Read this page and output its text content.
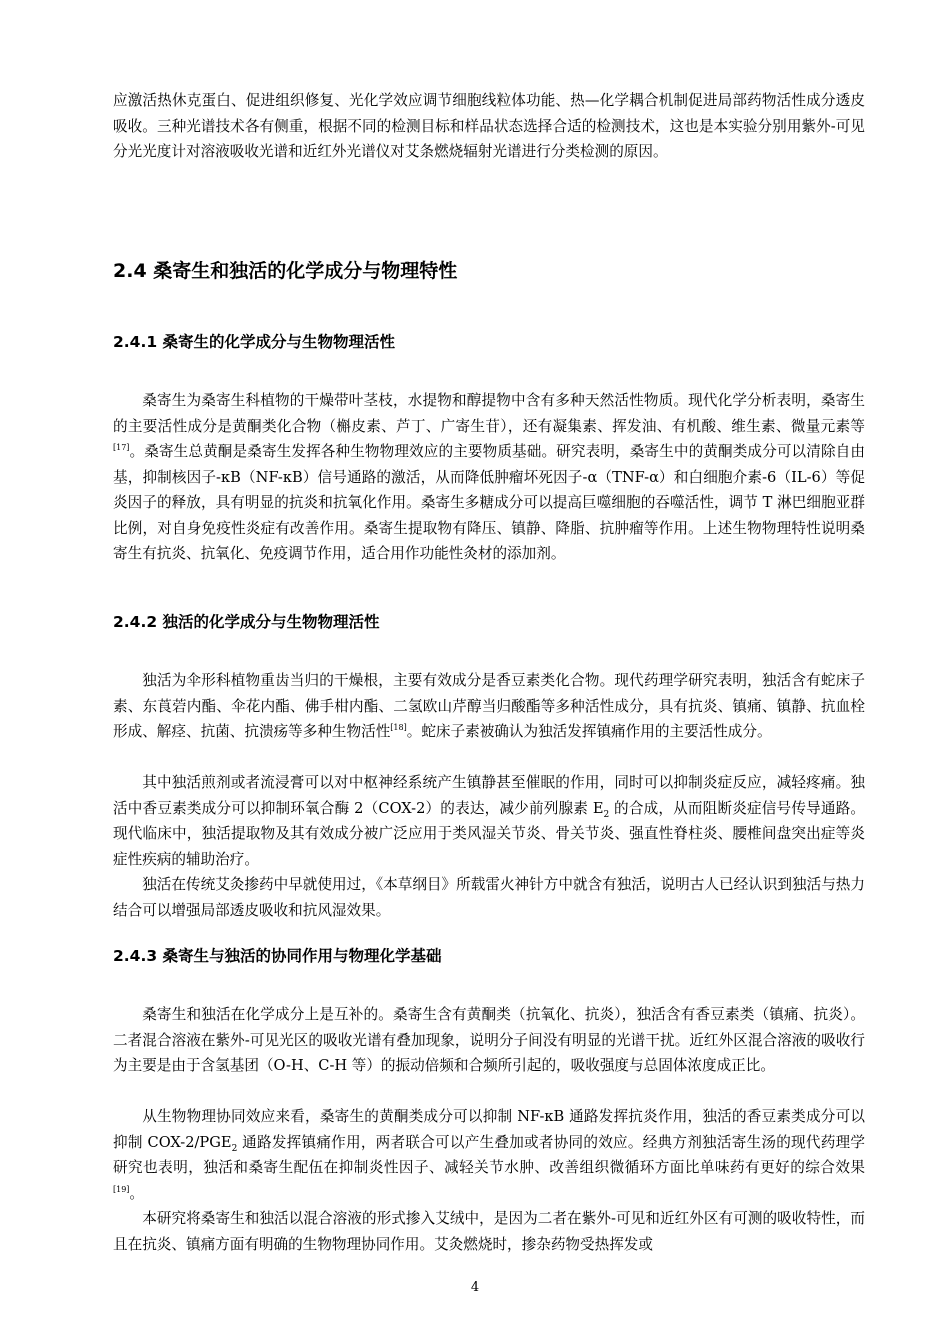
应激活热休克蛋白、促进组织修复、光化学效应调节细胞线粒体功能、热—化学耦合机制促进局部药物活性成分透皮吸收。三种光谱技术各有侧重，根据不同的检测目标和样品状态选择合适的检测技术，这也是本实验分别用紫外-可见分光光度计对溶液吸收光谱和近红外光谱仪对艾条燃烧辐射光谱进行分类检测的原因。

2.4 桑寄生和独活的化学成分与物理特性
2.4.1 桑寄生的化学成分与生物物理活性

桑寄生为桑寄生科植物的干燥带叶茎枝，水提物和醇提物中含有多种天然活性物质。现代化学分析表明，桑寄生的主要活性成分是黄酮类化合物（槲皮素、芦丁、广寄生苷），还有凝集素、挥发油、有机酸、维生素、微量元素等[17]。桑寄生总黄酮是桑寄生发挥各种生物物理效应的主要物质基础。研究表明，桑寄生中的黄酮类成分可以清除自由基，抑制核因子-κB（NF-κB）信号通路的激活，从而降低肿瘤坏死因子-α（TNF-α）和白细胞介素-6（IL-6）等促炎因子的释放，具有明显的抗炎和抗氧化作用。桑寄生多糖成分可以提高巨噬细胞的吞噬活性，调节 T 淋巴细胞亚群比例，对自身免疫性炎症有改善作用。桑寄生提取物有降压、镇静、降脂、抗肿瘤等作用。上述生物物理特性说明桑寄生有抗炎、抗氧化、免疫调节作用，适合用作功能性灸材的添加剂。

2.4.2 独活的化学成分与生物物理活性

独活为伞形科植物重齿当归的干燥根，主要有效成分是香豆素类化合物。现代药理学研究表明，独活含有蛇床子素、东莨菪内酯、伞花内酯、佛手柑内酯、二氢欧山芹醇当归酸酯等多种活性成分，具有抗炎、镇痛、镇静、抗血栓形成、解痉、抗菌、抗溃疡等多种生物活性[18]。蛇床子素被确认为独活发挥镇痛作用的主要活性成分。

其中独活煎剂或者流浸膏可以对中枢神经系统产生镇静甚至催眠的作用，同时可以抑制炎症反应，减轻疼痛。独活中香豆素类成分可以抑制环氧合酶 2（COX-2）的表达，减少前列腺素 $E_2$ 的合成，从而阻断炎症信号传导通路。现代临床中，独活提取物及其有效成分被广泛应用于类风湿关节炎、骨关节炎、强直性脊柱炎、腰椎间盘突出症等炎症性疾病的辅助治疗。

独活在传统艾灸掺药中早就使用过，《本草纲目》所载雷火神针方中就含有独活，说明古人已经认识到独活与热力结合可以增强局部透皮吸收和抗风湿效果。

2.4.3 桑寄生与独活的协同作用与物理化学基础

桑寄生和独活在化学成分上是互补的。桑寄生含有黄酮类（抗氧化、抗炎），独活含有香豆素类（镇痛、抗炎）。二者混合溶液在紫外-可见光区的吸收光谱有叠加现象，说明分子间没有明显的光谱干扰。近红外区混合溶液的吸收行为主要是由于含氢基团（O-H、C-H 等）的振动倍频和合频所引起的，吸收强度与总固体浓度成正比。

从生物物理协同效应来看，桑寄生的黄酮类成分可以抑制 NF-κB 通路发挥抗炎作用，独活的香豆素类成分可以抑制 COX-$2/PGE_2$ 通路发挥镇痛作用，两者联合可以产生叠加或者协同的效应。经典方剂独活寄生汤的现代药理学研究也表明，独活和桑寄生配伍在抑制炎性因子、减轻关节水肿、改善组织微循环方面比单味药有更好的综合效果[19]。

本研究将桑寄生和独活以混合溶液的形式掺入艾绒中，是因为二者在紫外-可见和近红外区有可测的吸收特性，而且在抗炎、镇痛方面有明确的生物物理协同作用。艾灸燃烧时，掺杂药物受热挥发或

4
